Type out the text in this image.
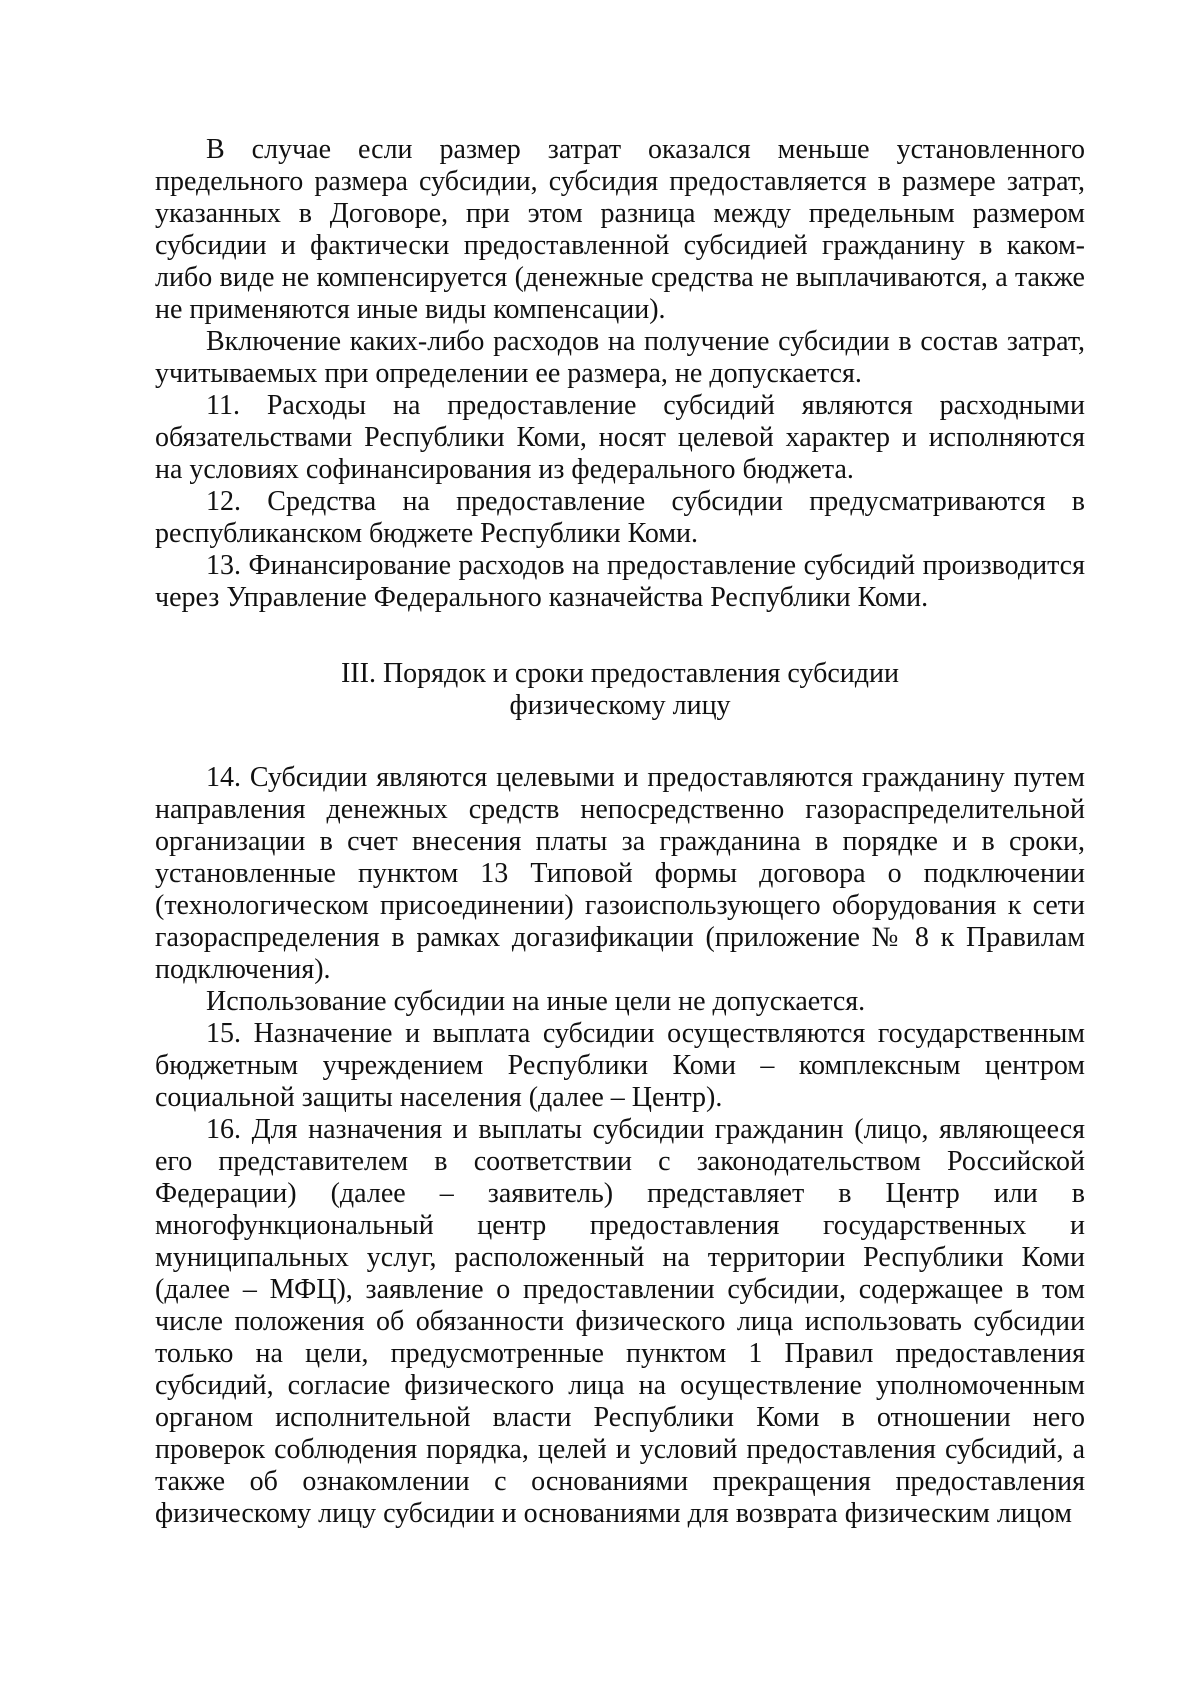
В случае если размер затрат оказался меньше установленного предельного размера субсидии, субсидия предоставляется в размере затрат, указанных в Договоре, при этом разница между предельным размером субсидии и фактически предоставленной субсидией гражданину в каком-либо виде не компенсируется (денежные средства не выплачиваются, а также не применяются иные виды компенсации).

Включение каких-либо расходов на получение субсидии в состав затрат, учитываемых при определении ее размера, не допускается.

11. Расходы на предоставление субсидий являются расходными обязательствами Республики Коми, носят целевой характер и исполняются на условиях софинансирования из федерального бюджета.

12. Средства на предоставление субсидии предусматриваются в республиканском бюджете Республики Коми.

13. Финансирование расходов на предоставление субсидий производится через Управление Федерального казначейства Республики Коми.

III. Порядок и сроки предоставления субсидии
физическому лицу

14. Субсидии являются целевыми и предоставляются гражданину путем направления денежных средств непосредственно газораспределительной организации в счет внесения платы за гражданина в порядке и в сроки, установленные пунктом 13 Типовой формы договора о подключении (технологическом присоединении) газоиспользующего оборудования к сети газораспределения в рамках догазификации (приложение № 8 к Правилам подключения).

Использование субсидии на иные цели не допускается.

15. Назначение и выплата субсидии осуществляются государственным бюджетным учреждением Республики Коми – комплексным центром социальной защиты населения (далее – Центр).

16. Для назначения и выплаты субсидии гражданин (лицо, являющееся его представителем в соответствии с законодательством Российской Федерации) (далее – заявитель) представляет в Центр или в многофункциональный центр предоставления государственных и муниципальных услуг, расположенный на территории Республики Коми (далее – МФЦ), заявление о предоставлении субсидии, содержащее в том числе положения об обязанности физического лица использовать субсидии только на цели, предусмотренные пунктом 1 Правил предоставления субсидий, согласие физического лица на осуществление уполномоченным органом исполнительной власти Республики Коми в отношении него проверок соблюдения порядка, целей и условий предоставления субсидий, а также об ознакомлении с основаниями прекращения предоставления физическому лицу субсидии и основаниями для возврата физическим лицом
